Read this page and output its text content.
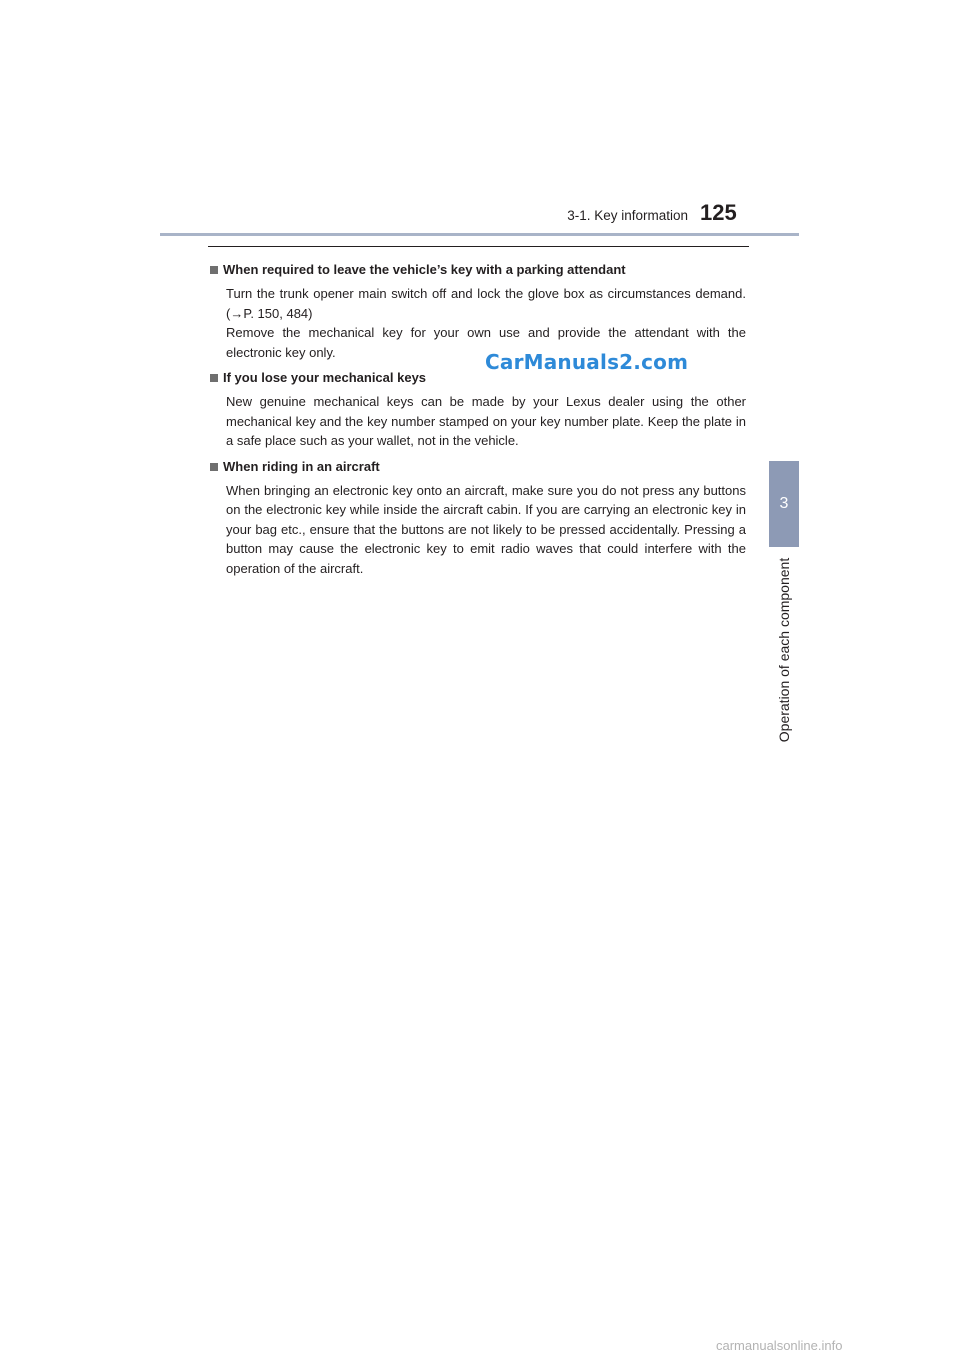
3-1. Key information 125
3
Operation of each component
CarManuals2.com
When required to leave the vehicle’s key with a parking attendant

Turn the trunk opener main switch off and lock the glove box as circumstances demand. (→P. 150, 484)

Remove the mechanical key for your own use and provide the attendant with the electronic key only.

If you lose your mechanical keys

New genuine mechanical keys can be made by your Lexus dealer using the other mechanical key and the key number stamped on your key number plate. Keep the plate in a safe place such as your wallet, not in the vehicle.

When riding in an aircraft

When bringing an electronic key onto an aircraft, make sure you do not press any buttons on the electronic key while inside the aircraft cabin. If you are carrying an electronic key in your bag etc., ensure that the buttons are not likely to be pressed accidentally. Pressing a button may cause the electronic key to emit radio waves that could interfere with the operation of the aircraft.

carmanualsonline.info
